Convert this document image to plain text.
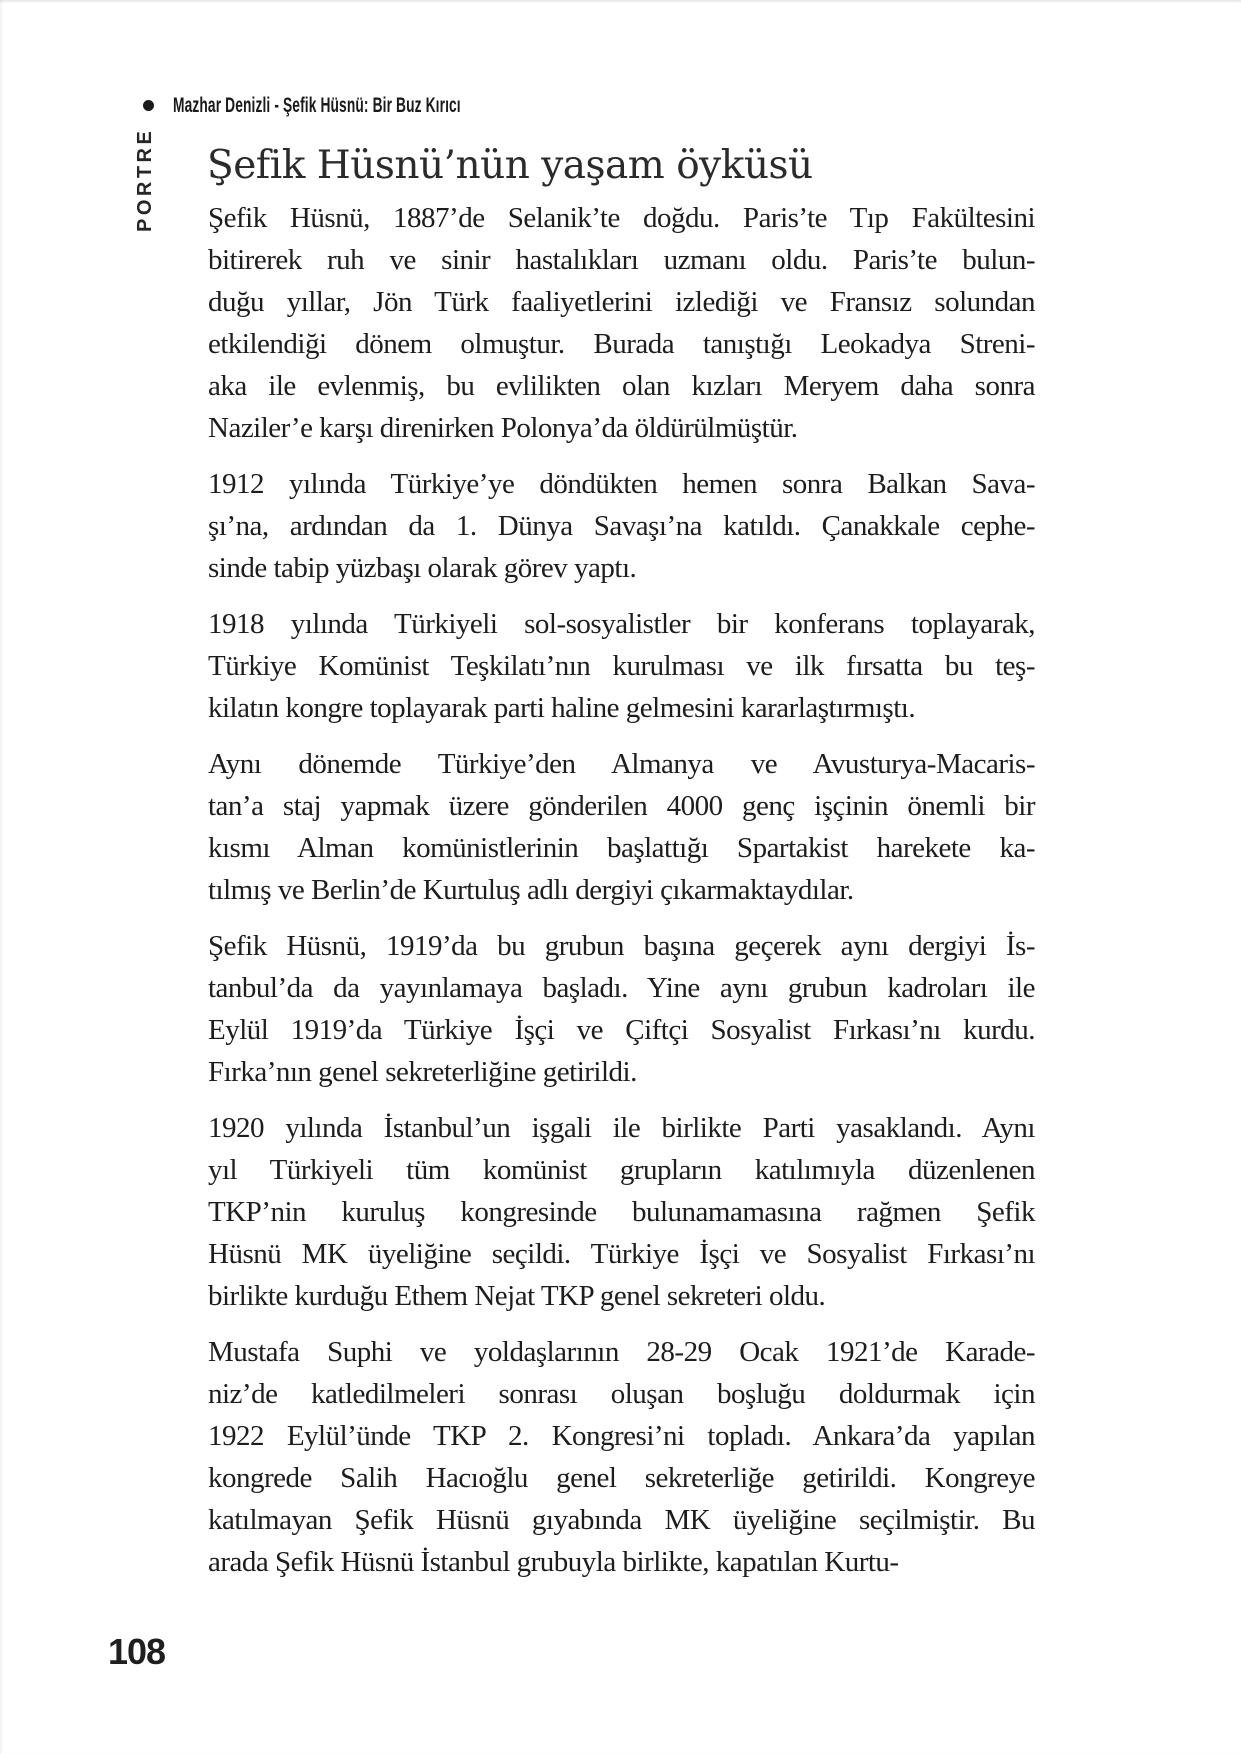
Mazhar Denizli - Şefik Hüsnü: Bir Buz Kırıcı
PORTRE Şefik Hüsnü’nün yaşam öyküsü

Şefik Hüsnü, 1887’de Selanik’te doğdu. Paris’te Tıp Fakültesini
bitirerek ruh ve sinir hastalıkları uzmanı oldu. Paris’te bulun-
duğu yıllar, Jön Türk faaliyetlerini izlediği ve Fransız solundan
etkilendiği dönem olmuştur. Burada tanıştığı Leokadya Streni-
aka ile evlenmiş, bu evlilikten olan kızları Meryem daha sonra
Naziler’e karşı direnirken Polonya’da öldürülmüştür.

1912 yılında Türkiye’ye döndükten hemen sonra Balkan Sava-
şı’na, ardından da 1. Dünya Savaşı’na katıldı. Çanakkale cephe-
sinde tabip yüzbaşı olarak görev yaptı.

1918 yılında Türkiyeli sol-sosyalistler bir konferans toplayarak,
Türkiye Komünist Teşkilatı’nın kurulması ve ilk fırsatta bu teş-
kilatın kongre toplayarak parti haline gelmesini kararlaştırmıştı.

Aynı dönemde Türkiye’den Almanya ve Avusturya-Macaris-
tan’a staj yapmak üzere gönderilen 4000 genç işçinin önemli bir
kısmı Alman komünistlerinin başlattığı Spartakist harekete ka-
tılmış ve Berlin’de Kurtuluş adlı dergiyi çıkarmaktaydılar.

Şefik Hüsnü, 1919’da bu grubun başına geçerek aynı dergiyi İs-
tanbul’da da yayınlamaya başladı. Yine aynı grubun kadroları ile
Eylül 1919’da Türkiye İşçi ve Çiftçi Sosyalist Fırkası’nı kurdu.
Fırka’nın genel sekreterliğine getirildi.

1920 yılında İstanbul’un işgali ile birlikte Parti yasaklandı. Aynı
yıl Türkiyeli tüm komünist grupların katılımıyla düzenlenen
TKP’nin kuruluş kongresinde bulunamamasına rağmen Şefik
Hüsnü MK üyeliğine seçildi. Türkiye İşçi ve Sosyalist Fırkası’nı
birlikte kurduğu Ethem Nejat TKP genel sekreteri oldu.

Mustafa Suphi ve yoldaşlarının 28-29 Ocak 1921’de Karade-
niz’de katledilmeleri sonrası oluşan boşluğu doldurmak için
1922 Eylül’ünde TKP 2. Kongresi’ni topladı. Ankara’da yapılan
kongrede Salih Hacıoğlu genel sekreterliğe getirildi. Kongreye
katılmayan Şefik Hüsnü gıyabında MK üyeliğine seçilmiştir. Bu
arada Şefik Hüsnü İstanbul grubuyla birlikte, kapatılan Kurtu-

108
